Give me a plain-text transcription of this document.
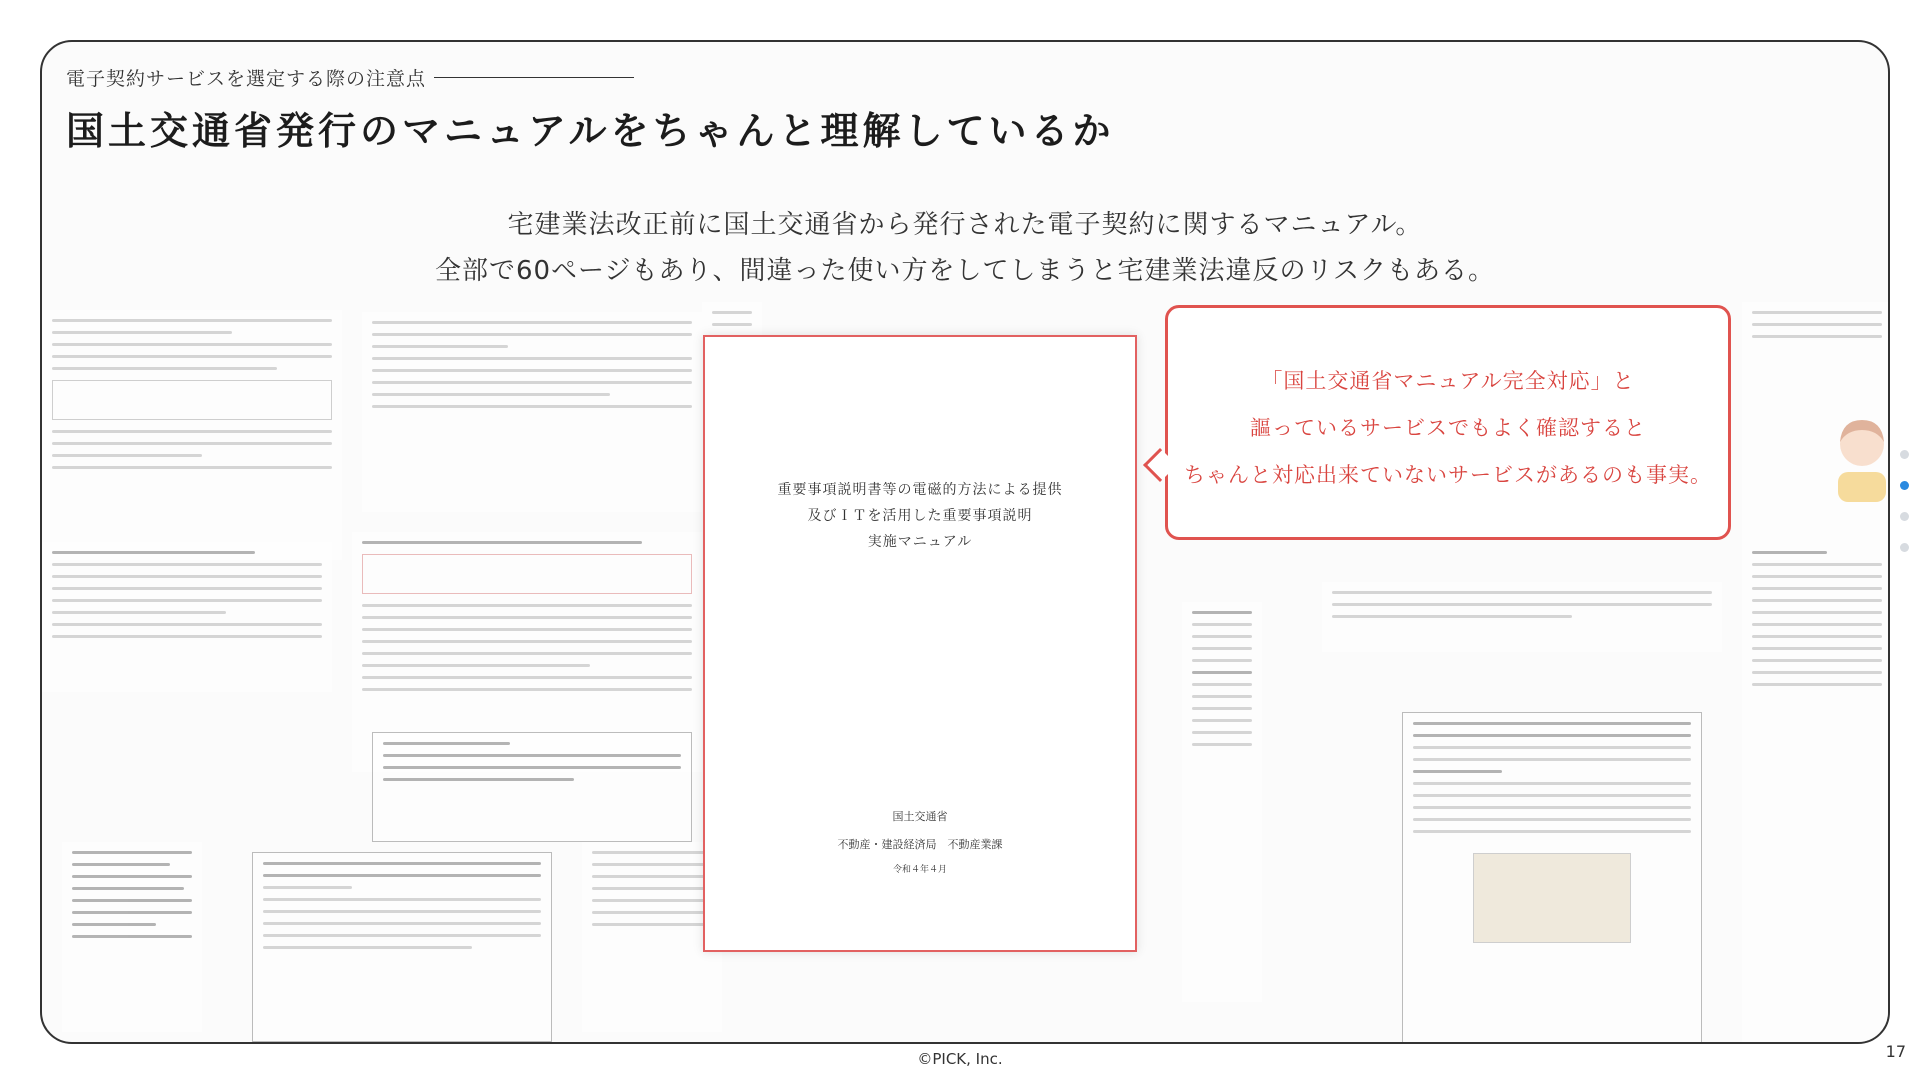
電子契約サービスを選定する際の注意点
国土交通省発行のマニュアルをちゃんと理解しているか
宅建業法改正前に国土交通省から発行された電子契約に関するマニュアル。
全部で60ページもあり、間違った使い方をしてしまうと宅建業法違反のリスクもある。
重要事項説明書等の電磁的方法による提供
及びＩＴを活用した重要事項説明
実施マニュアル
国土交通省
不動産・建設経済局　不動産業課
令和４年４月
「国土交通省マニュアル完全対応」と
謳っているサービスでもよく確認すると
ちゃんと対応出来ていないサービスがあるのも事実。
©PICK, Inc.	17
